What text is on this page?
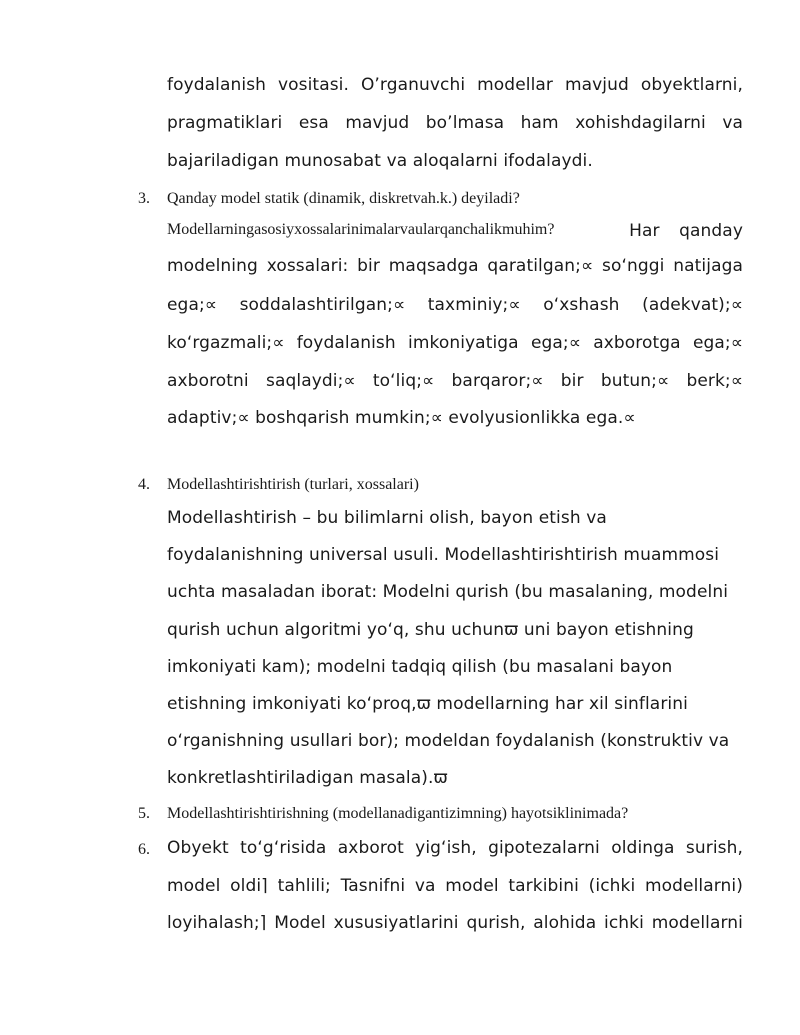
foydalanish vositasi. O’rganuvchi modellar mavjud obyektlarni,
pragmatiklari esa mavjud bo’lmasa ham xohishdagilarni va
bajariladigan munosabat va aloqalarni ifodalaydi.
3. Qanday model statik (dinamik, diskretvah.k.) deyiladi?
Modellarningasosiyxossalarinimalarvaularqanchalikmuhim?	Har qanday
modelning xossalari: bir maqsadga qaratilgan;∝ so‘nggi natijaga
ega;∝ soddalashtirilgan;∝ taxminiy;∝ o‘xshash (adekvat);∝
ko‘rgazmali;∝ foydalanish imkoniyatiga ega;∝ axborotga ega;∝
axborotni saqlaydi;∝ to‘liq;∝ barqaror;∝ bir butun;∝ berk;∝
adaptiv;∝ boshqarish mumkin;∝ evolyusionlikka ega.∝
4. Modellashtirishtirish (turlari, xossalari)
Modellashtirish – bu bilimlarni olish, bayon etish va
foydalanishning universal usuli. Modellashtirishtirish muammosi
uchta masaladan iborat: Modelni qurish (bu masalaning, modelni
qurish uchun algoritmi yo‘q, shu uchunϖ uni bayon etishning
imkoniyati kam); modelni tadqiq qilish (bu masalani bayon
etishning imkoniyati ko‘proq,ϖ modellarning har xil sinflarini
o‘rganishning usullari bor); modeldan foydalanish (konstruktiv va
konkretlashtiriladigan masala).ϖ
5. Modellashtirishtirishning (modellanadigantizimning) hayotsiklinimada?
6. Obyekt to‘g‘risida axborot yig‘ish, gipotezalarni oldinga surish,
model oldi⌉ tahlili; Tasnifni va model tarkibini (ichki modellarni)
loyihalash;⌉ Model xususiyatlarini qurish, alohida ichki modellarni
